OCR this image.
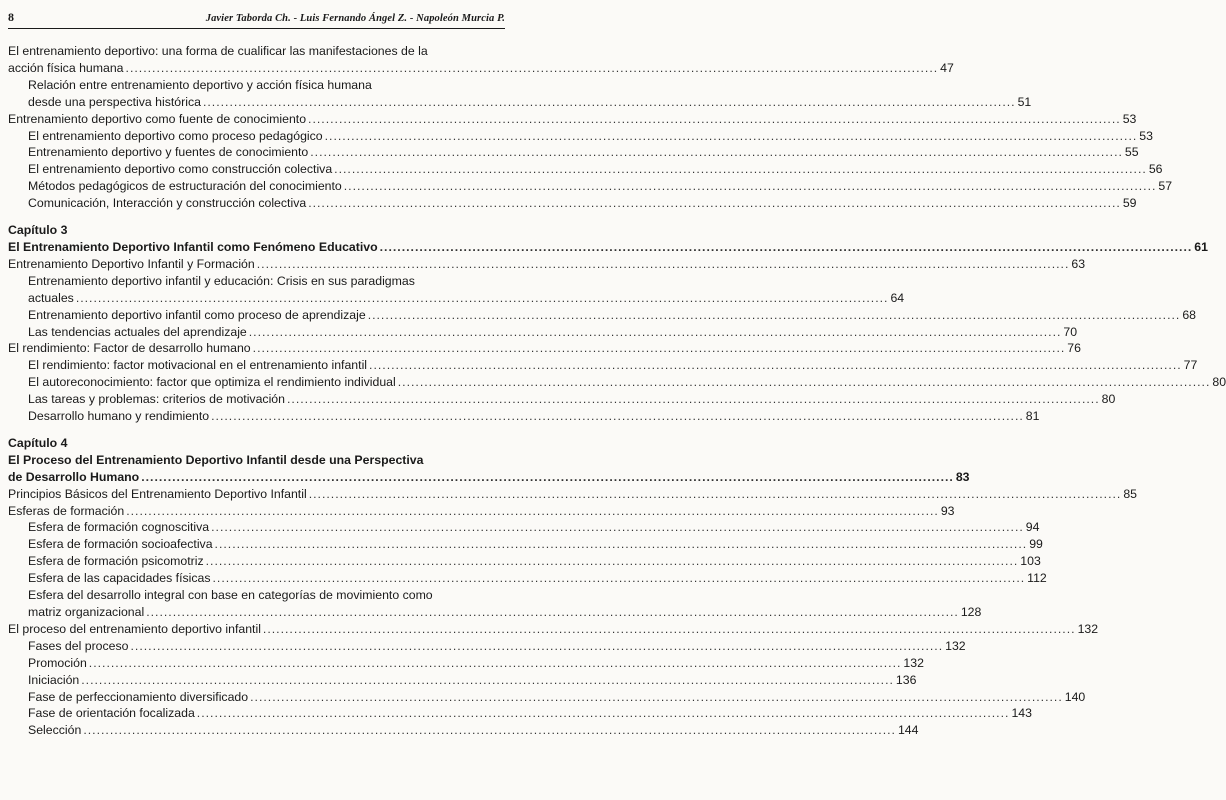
8	Javier Taborda Ch. - Luis Fernando Ángel Z. - Napoleón Murcia P.
El entrenamiento deportivo: una forma de cualificar las manifestaciones de la
acción física humana .....	47
Relación entre entrenamiento deportivo y acción física humana
desde una perspectiva histórica .....	51
Entrenamiento deportivo como fuente de conocimiento .....	53
El entrenamiento deportivo como proceso pedagógico .....	53
Entrenamiento deportivo y fuentes de conocimiento .....	55
El entrenamiento deportivo como construcción colectiva .....	56
Métodos pedagógicos de estructuración del conocimiento .....	57
Comunicación, Interacción y construcción colectiva .....	59
Capítulo 3
El Entrenamiento Deportivo Infantil como Fenómeno Educativo .....	61
Entrenamiento Deportivo Infantil y Formación .....	63
Entrenamiento deportivo infantil y educación: Crisis en sus paradigmas
actuales .....	64
Entrenamiento deportivo infantil como proceso de aprendizaje .....	68
Las tendencias actuales del aprendizaje .....	70
El rendimiento: Factor de desarrollo humano .....	76
El rendimiento: factor motivacional en el entrenamiento infantil .....	77
El autoreconocimiento: factor que optimiza el rendimiento individual .....	80
Las tareas y problemas: criterios de motivación .....	80
Desarrollo humano y rendimiento .....	81
Capítulo 4
El Proceso del Entrenamiento Deportivo Infantil desde una Perspectiva
de Desarrollo Humano .....	83
Principios Básicos del Entrenamiento Deportivo Infantil .....	85
Esferas de formación .....	93
Esfera de formación cognoscitiva .....	94
Esfera de formación socioafectiva .....	99
Esfera de formación psicomotriz .....	103
Esfera de las capacidades físicas .....	112
Esfera del desarrollo integral con base en categorías de movimiento como
matriz organizacional .....	128
El proceso del entrenamiento deportivo infantil .....	132
Fases del proceso .....	132
Promoción .....	132
Iniciación .....	136
Fase de perfeccionamiento diversificado .....	140
Fase de orientación focalizada .....	143
Selección .....	144
